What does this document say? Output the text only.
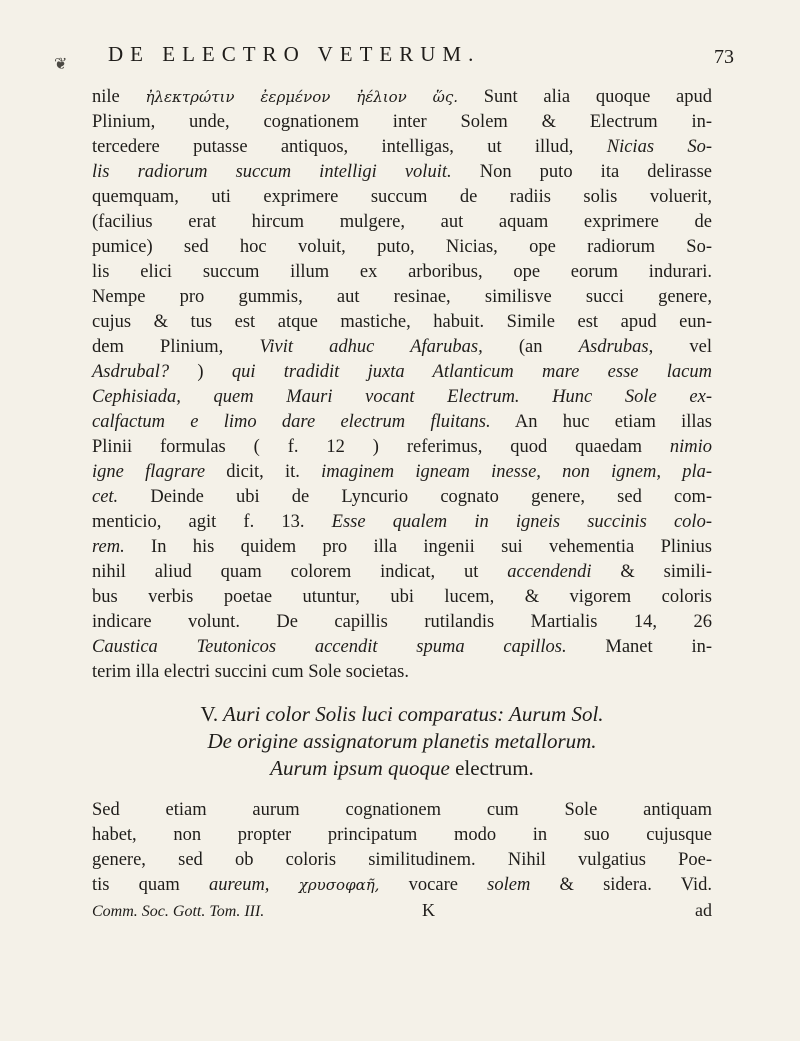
❦ DE ELECTRO VETERUM.	73
nile ἠλεκτρώτιν ἐερμένον ἠέλιον ὥς. Sunt alia quoque apud
Plinium, unde, cognationem inter Solem & Electrum in-
tercedere putasse antiquos, intelligas, ut illud, Nicias So-
lis radiorum succum intelligi voluit. Non puto ita delirasse
quemquam, uti exprimere succum de radiis solis voluerit,
(facilius erat hircum mulgere, aut aquam exprimere de
pumice) sed hoc voluit, puto, Nicias, ope radiorum So-
lis elici succum illum ex arboribus, ope eorum indurari.
Nempe pro gummis, aut resinae, similisve succi genere,
cujus & tus est atque mastiche, habuit. Simile est apud eun-
dem Plinium, Vivit adhuc Afarubas, (an Asdrubas, vel
Asdrubal? ) qui tradidit juxta Atlanticum mare esse lacum
Cephisiada, quem Mauri vocant Electrum. Hunc Sole ex-
calfactum e limo dare electrum fluitans. An huc etiam illas
Plinii formulas ( f. 12 ) referimus, quod quaedam nimio
igne flagrare dicit, it. imaginem igneam inesse, non ignem, pla-
cet. Deinde ubi de Lyncurio cognato genere, sed com-
menticio, agit f. 13. Esse qualem in igneis succinis colo-
rem. In his quidem pro illa ingenii sui vehementia Plinius
nihil aliud quam colorem indicat, ut accendendi & simili-
bus verbis poetae utuntur, ubi lucem, & vigorem coloris
indicare volunt. De capillis rutilandis Martialis 14, 26
Caustica Teutonicos accendit spuma capillos. Manet in-
terim illa electri succini cum Sole societas.
V. Auri color Solis luci comparatus: Aurum Sol.
De origine assignatorum planetis metallorum.
Aurum ipsum quoque electrum.
Sed etiam aurum cognationem cum Sole antiquam
habet, non propter principatum modo in suo cujusque
genere, sed ob coloris similitudinem. Nihil vulgatius Poe-
tis quam aureum, χρυσοφαῆ, vocare solem & sidera. Vid.
Comm. Soc. Gott. Tom. III.	K	ad
